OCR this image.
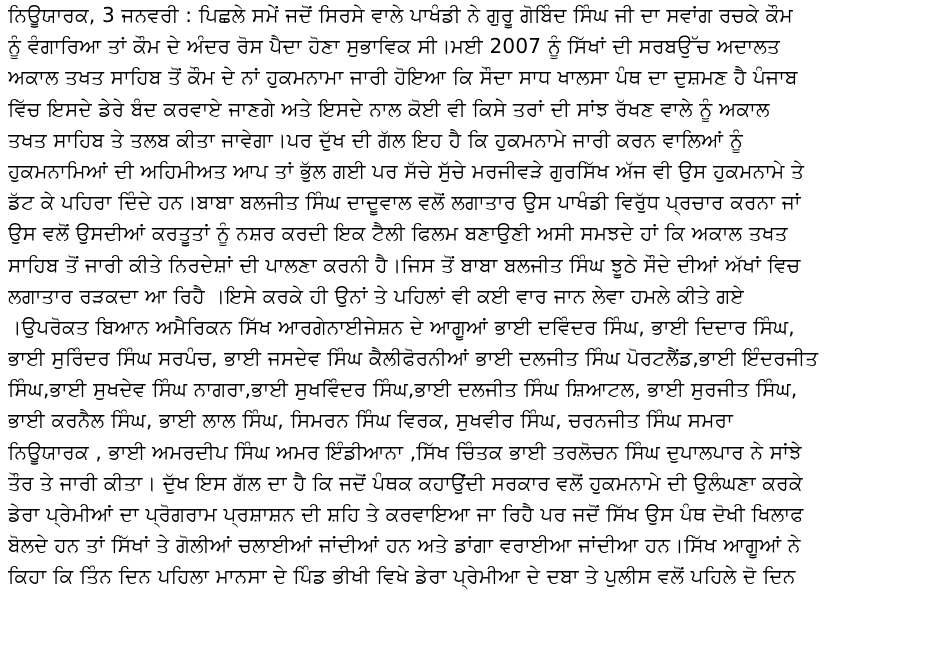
ਨਿਊਯਾਰਕ, 3 ਜਨਵਰੀ : ਪਿਛਲੇ ਸਮੇਂ ਜਦੋਂ ਸਿਰਸੇ ਵਾਲੇ ਪਾਖੰਡੀ ਨੇ ਗੁਰੂ ਗੋਬਿੰਦ ਸਿੰਘ ਜੀ ਦਾ ਸਵਾਂਗ ਰਚਕੇ ਕੌਮ
ਨੂੰ ਵੰਗਾਰਿਆ ਤਾਂ ਕੌਮ ਦੇ ਅੰਦਰ ਰੋਸ ਪੈਦਾ ਹੋਣਾ ਸੁਭਾਵਿਕ ਸੀ।ਮਈ 2007 ਨੂੰ ਸਿੱਖਾਂ ਦੀ ਸਰਬਉੱਚ ਅਦਾਲਤ
ਅਕਾਲ ਤਖਤ ਸਾਹਿਬ ਤੋਂ ਕੌਮ ਦੇ ਨਾਂ ਹੁਕਮਨਾਮਾ ਜਾਰੀ ਹੋਇਆ ਕਿ ਸੌਦਾ ਸਾਧ ਖਾਲਸਾ ਪੰਥ ਦਾ ਦੁਸ਼ਮਣ ਹੈ ਪੰਜਾਬ
ਵਿੱਚ ਇਸਦੇ ਡੇਰੇ ਬੰਦ ਕਰਵਾਏ ਜਾਣਗੇ ਅਤੇ ਇਸਦੇ ਨਾਲ ਕੋਈ ਵੀ ਕਿਸੇ ਤਰਾਂ ਦੀ ਸਾਂਝ ਰੱਖਣ ਵਾਲੇ ਨੂੰ ਅਕਾਲ
ਤਖਤ ਸਾਹਿਬ ਤੇ ਤਲਬ ਕੀਤਾ ਜਾਵੇਗਾ।ਪਰ ਦੁੱਖ ਦੀ ਗੱਲ ਇਹ ਹੈ ਕਿ ਹੁਕਮਨਾਮੇ ਜਾਰੀ ਕਰਨ ਵਾਲਿਆਂ ਨੂੰ
ਹੁਕਮਨਾਮਿਆਂ ਦੀ ਅਹਿਮੀਅਤ ਆਪ ਤਾਂ ਭੁੱਲ ਗਈ ਪਰ ਸੱਚੇ ਸੁੱਚੇ ਮਰਜੀਵੜੇ ਗੁਰਸਿੱਖ ਅੱਜ ਵੀ ਉਸ ਹੁਕਮਨਾਮੇ ਤੇ
ਡੱਟ ਕੇ ਪਹਿਰਾ ਦਿੰਦੇ ਹਨ।ਬਾਬਾ ਬਲਜੀਤ ਸਿੰਘ ਦਾਦੂਵਾਲ ਵਲੋਂ ਲਗਾਤਾਰ ਉਸ ਪਾਖੰਡੀ ਵਿਰੁੱਧ ਪ੍ਰਚਾਰ ਕਰਨਾ ਜਾਂ
ਉਸ ਵਲੋਂ ਉਸਦੀਆਂ ਕਰਤੂਤਾਂ ਨੂੰ ਨਸ਼ਰ ਕਰਦੀ ਇਕ ਟੈਲੀ ਫਿਲਮ ਬਣਾਉਣੀ ਅਸੀ ਸਮਝਦੇ ਹਾਂ ਕਿ ਅਕਾਲ ਤਖਤ
ਸਾਹਿਬ ਤੋਂ ਜਾਰੀ ਕੀਤੇ ਨਿਰਦੇਸ਼ਾਂ ਦੀ ਪਾਲਣਾ ਕਰਨੀ ਹੈ।ਜਿਸ ਤੋਂ ਬਾਬਾ ਬਲਜੀਤ ਸਿੰਘ ਝੂਠੇ ਸੌਦੇ ਦੀਆਂ ਅੱਖਾਂ ਵਿਚ
ਲਗਾਤਾਰ ਰੜਕਦਾ ਆ ਰਿਹੈ ।ਇਸੇ ਕਰਕੇ ਹੀ ਉਨਾਂ ਤੇ ਪਹਿਲਾਂ ਵੀ ਕਈ ਵਾਰ ਜਾਨ ਲੇਵਾ ਹਮਲੇ ਕੀਤੇ ਗਏ
।ਉਪਰੋਕਤ ਬਿਆਨ ਅਮੈਰਿਕਨ ਸਿੱਖ ਆਰਗੇਨਾਈਜੇਸ਼ਨ ਦੇ ਆਗੂਆਂ ਭਾਈ ਦਵਿੰਦਰ ਸਿੰਘ, ਭਾਈ ਦਿਦਾਰ ਸਿੰਘ,
ਭਾਈ ਸੁਰਿੰਦਰ ਸਿੰਘ ਸਰਪੰਚ, ਭਾਈ ਜਸਦੇਵ ਸਿੰਘ ਕੈਲੀਫੋਰਨੀਆਂ ਭਾਈ ਦਲਜੀਤ ਸਿੰਘ ਪੋਰਟਲੈਂਡ,ਭਾਈ ਇੰਦਰਜੀਤ
ਸਿੰਘ,ਭਾਈ ਸੁਖਦੇਵ ਸਿੰਘ ਨਾਗਰਾ,ਭਾਈ ਸੁਖਵਿੰਦਰ ਸਿੰਘ,ਭਾਈ ਦਲਜੀਤ ਸਿੰਘ ਸ਼ਿਆਟਲ, ਭਾਈ ਸੁਰਜੀਤ ਸਿੰਘ,
ਭਾਈ ਕਰਨੈਲ ਸਿੰਘ, ਭਾਈ ਲਾਲ ਸਿੰਘ, ਸਿਮਰਨ ਸਿੰਘ ਵਿਰਕ, ਸੁਖਵੀਰ ਸਿੰਘ, ਚਰਨਜੀਤ ਸਿੰਘ ਸਮਰਾ
ਨਿਊਯਾਰਕ , ਭਾਈ ਅਮਰਦੀਪ ਸਿੰਘ ਅਮਰ ਇੰਡੀਆਨਾ ,ਸਿੱਖ ਚਿੰਤਕ ਭਾਈ ਤਰਲੋਚਨ ਸਿੰਘ ਦੁਪਾਲਪਾਰ ਨੇ ਸਾਂਝੇ
ਤੌਰ ਤੇ ਜਾਰੀ ਕੀਤਾ। ਦੁੱਖ ਇਸ ਗੱਲ ਦਾ ਹੈ ਕਿ ਜਦੋਂ ਪੰਥਕ ਕਹਾਉਂਦੀ ਸਰਕਾਰ ਵਲੋਂ ਹੁਕਮਨਾਮੇ ਦੀ ਉਲੰਘਣਾ ਕਰਕੇ
ਡੇਰਾ ਪ੍ਰੇਮੀਆਂ ਦਾ ਪ੍ਰੋਗਰਾਮ ਪ੍ਰਸ਼ਾਸ਼ਨ ਦੀ ਸ਼ਹਿ ਤੇ ਕਰਵਾਇਆ ਜਾ ਰਿਹੈ ਪਰ ਜਦੋਂ ਸਿੱਖ ਉਸ ਪੰਥ ਦੋਖੀ ਖਿਲਾਫ
ਬੋਲਦੇ ਹਨ ਤਾਂ ਸਿੱਖਾਂ ਤੇ ਗੋਲੀਆਂ ਚਲਾਈਆਂ ਜਾਂਦੀਆਂ ਹਨ ਅਤੇ ਡਾਂਗਾ ਵਰਾਈਆ ਜਾਂਦੀਆ ਹਨ।ਸਿੱਖ ਆਗੂਆਂ ਨੇ
ਕਿਹਾ ਕਿ ਤਿੰਨ ਦਿਨ ਪਹਿਲਾ ਮਾਨਸਾ ਦੇ ਪਿੰਡ ਭੀਖੀ ਵਿਖੇ ਡੇਰਾ ਪ੍ਰੇਮੀਆ ਦੇ ਦਬਾ ਤੇ ਪੁਲੀਸ ਵਲੋਂ ਪਹਿਲੇ ਦੋ ਦਿਨ
